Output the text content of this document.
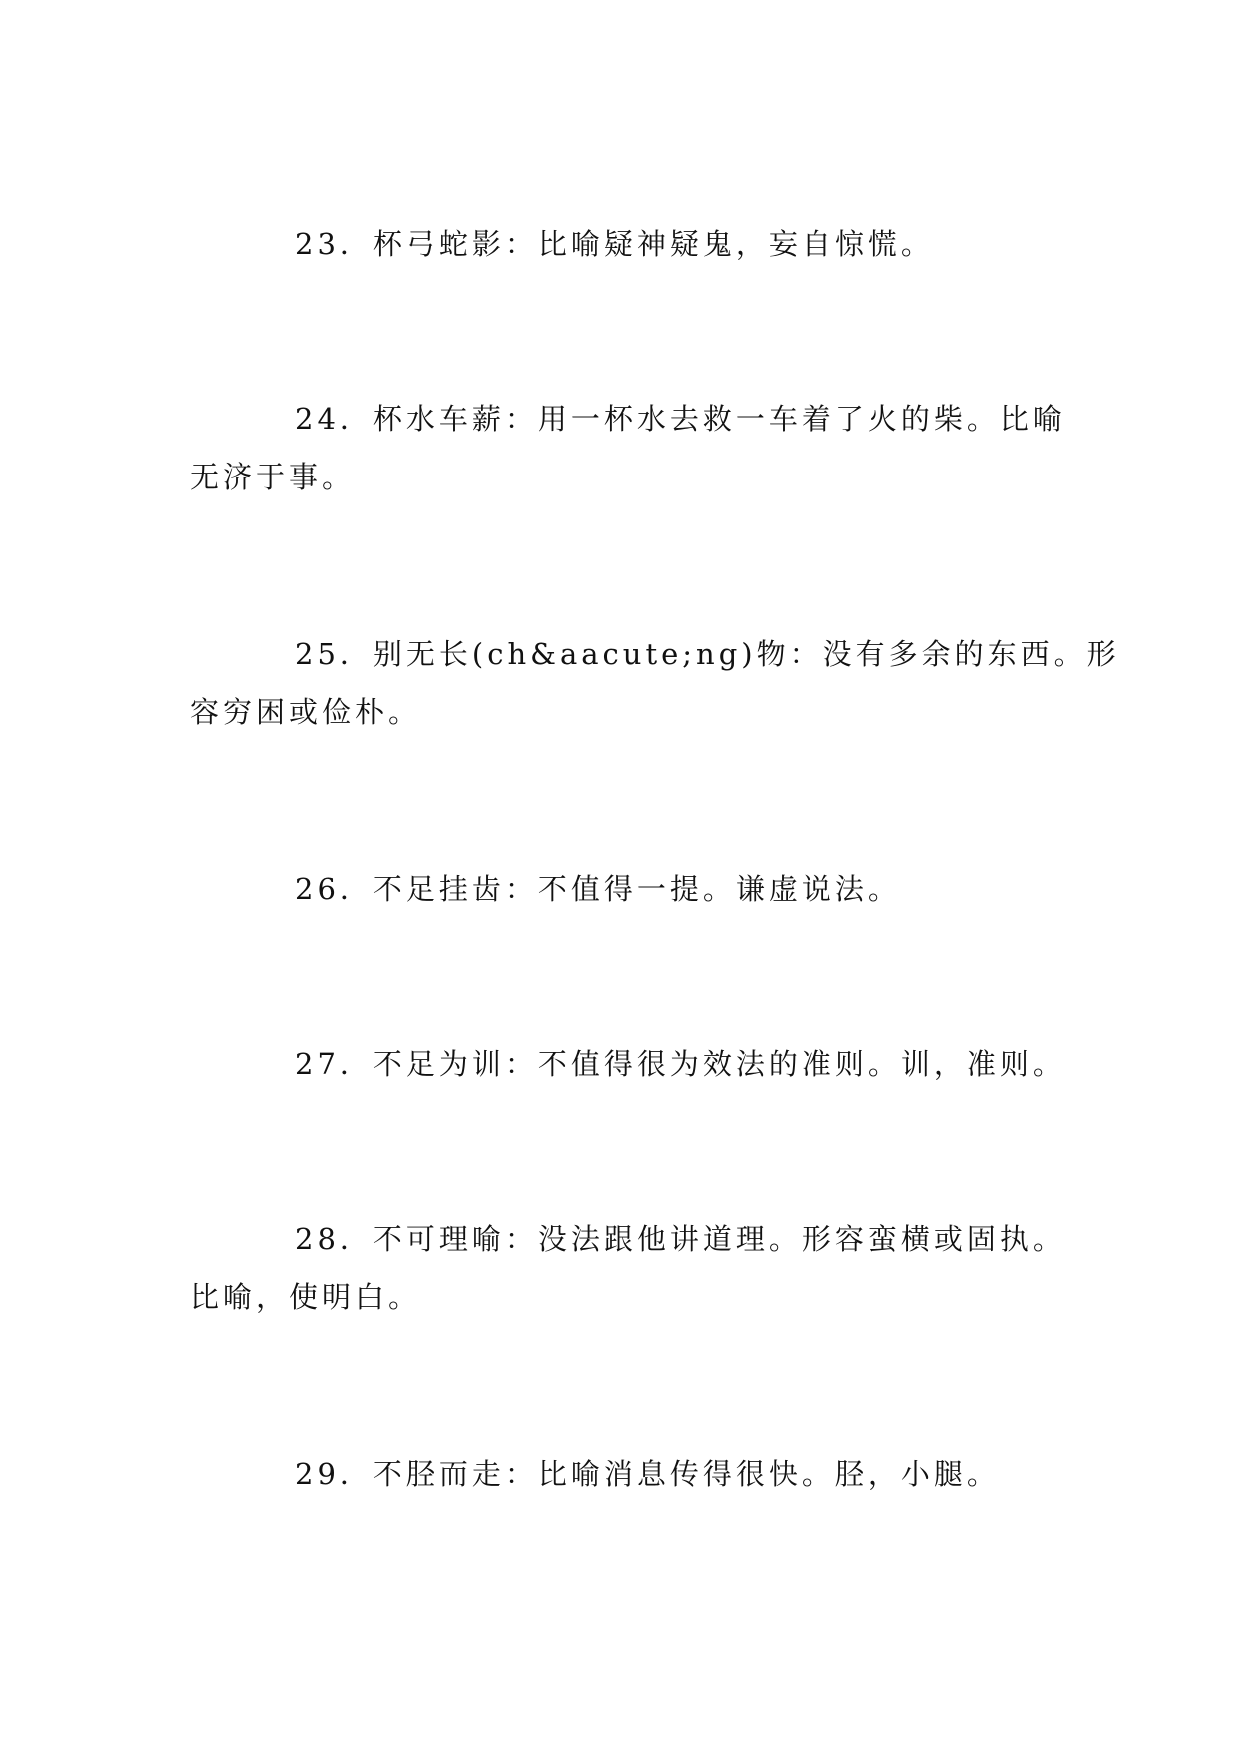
23．杯弓蛇影：比喻疑神疑鬼，妄自惊慌。
24．杯水车薪：用一杯水去救一车着了火的柴。比喻
无济于事。
25．别无长(ch&aacute;ng)物：没有多余的东西。形
容穷困或俭朴。
26．不足挂齿：不值得一提。谦虚说法。
27．不足为训：不值得很为效法的准则。训，准则。
28．不可理喻：没法跟他讲道理。形容蛮横或固执。
比喻，使明白。
29．不胫而走：比喻消息传得很快。胫，小腿。
